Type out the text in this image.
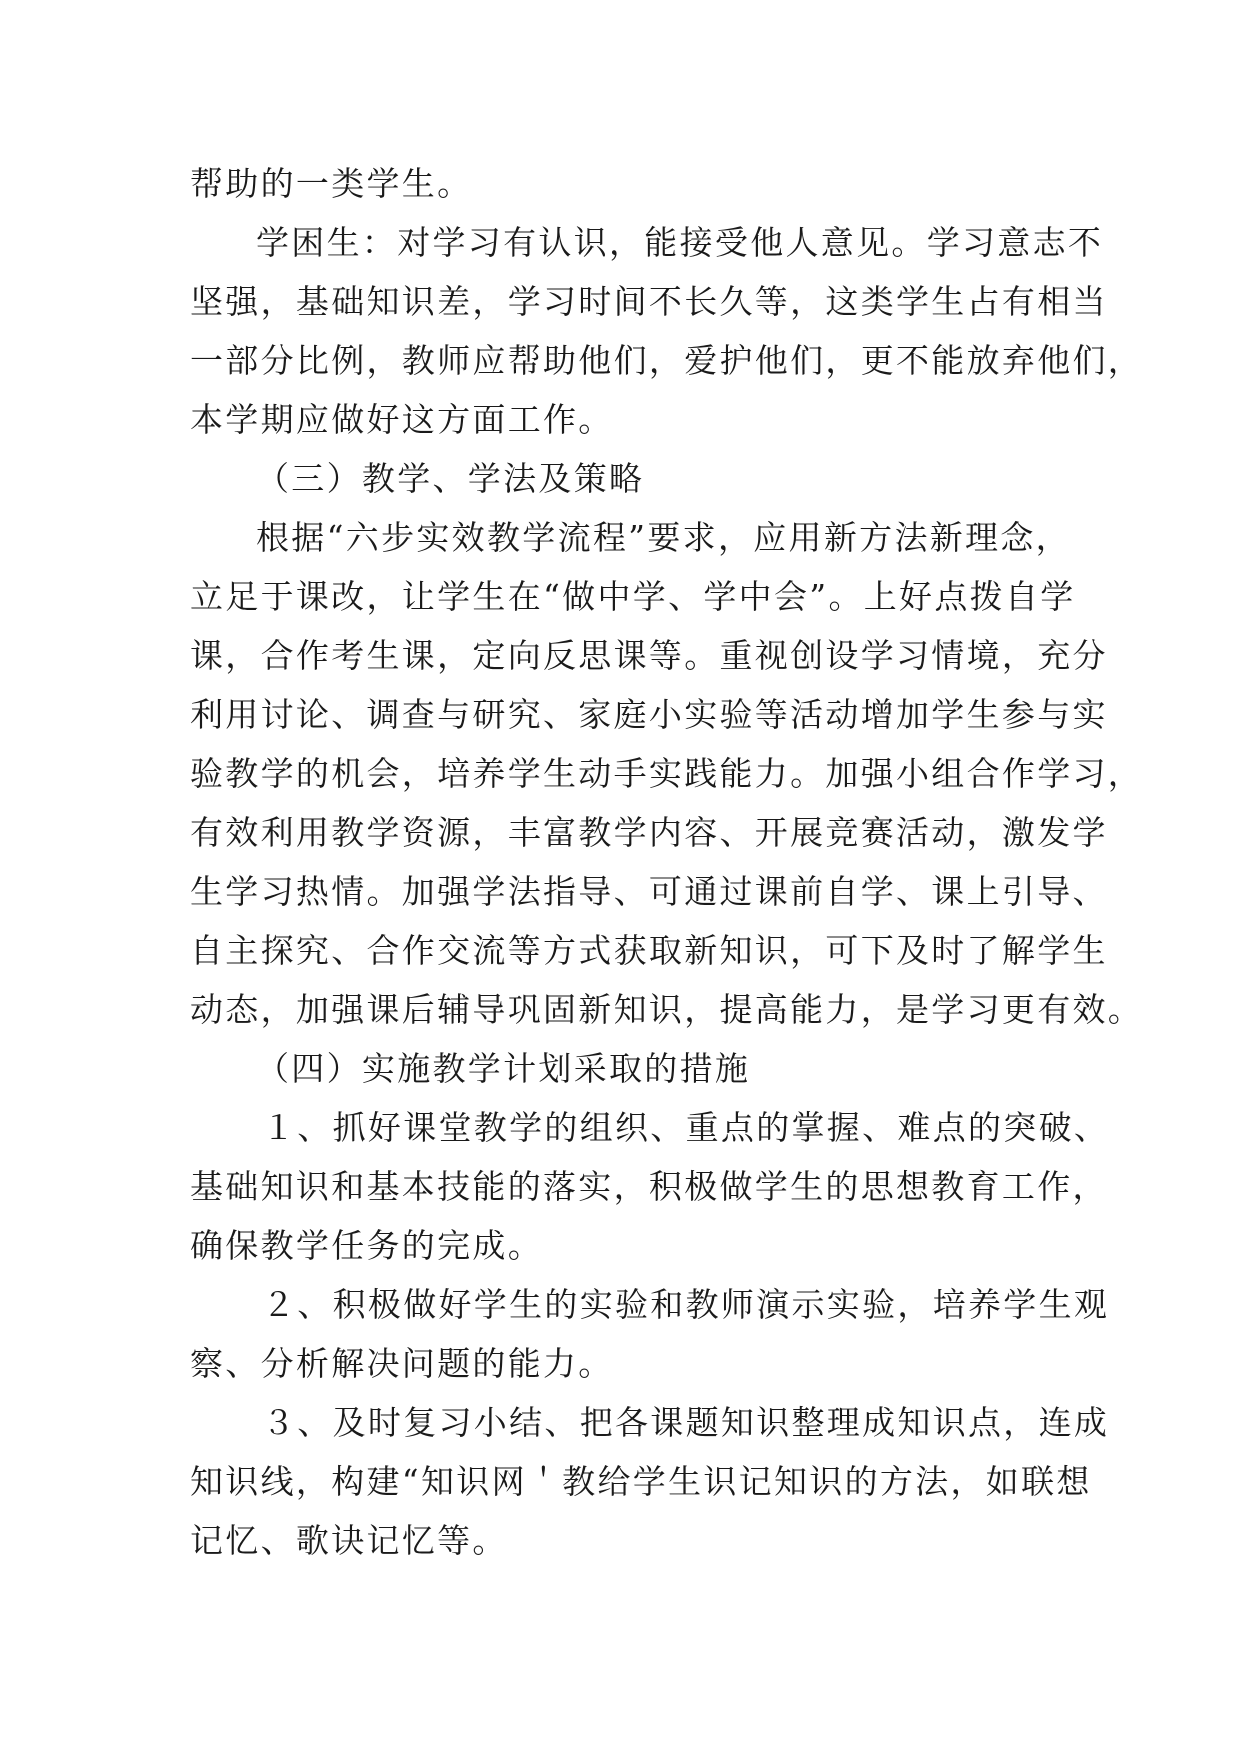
帮助的一类学生。
学困生：对学习有认识，能接受他人意见。学习意志不
坚强，基础知识差，学习时间不长久等，这类学生占有相当
一部分比例，教师应帮助他们，爱护他们，更不能放弃他们，
本学期应做好这方面工作。
（三）教学、学法及策略
根据“六步实效教学流程”要求，应用新方法新理念，
立足于课改，让学生在“做中学、学中会”。上好点拨自学
课，合作考生课，定向反思课等。重视创设学习情境，充分
利用讨论、调查与研究、家庭小实验等活动增加学生参与实
验教学的机会，培养学生动手实践能力。加强小组合作学习，
有效利用教学资源，丰富教学内容、开展竞赛活动，激发学
生学习热情。加强学法指导、可通过课前自学、课上引导、
自主探究、合作交流等方式获取新知识，可下及时了解学生
动态，加强课后辅导巩固新知识，提高能力，是学习更有效。
（四）实施教学计划采取的措施
１、抓好课堂教学的组织、重点的掌握、难点的突破、
基础知识和基本技能的落实，积极做学生的思想教育工作，
确保教学任务的完成。
２、积极做好学生的实验和教师演示实验，培养学生观
察、分析解决问题的能力。
３、及时复习小结、把各课题知识整理成知识点，连成
知识线，构建“知识网＇教给学生识记知识的方法，如联想
记忆、歌诀记忆等。
